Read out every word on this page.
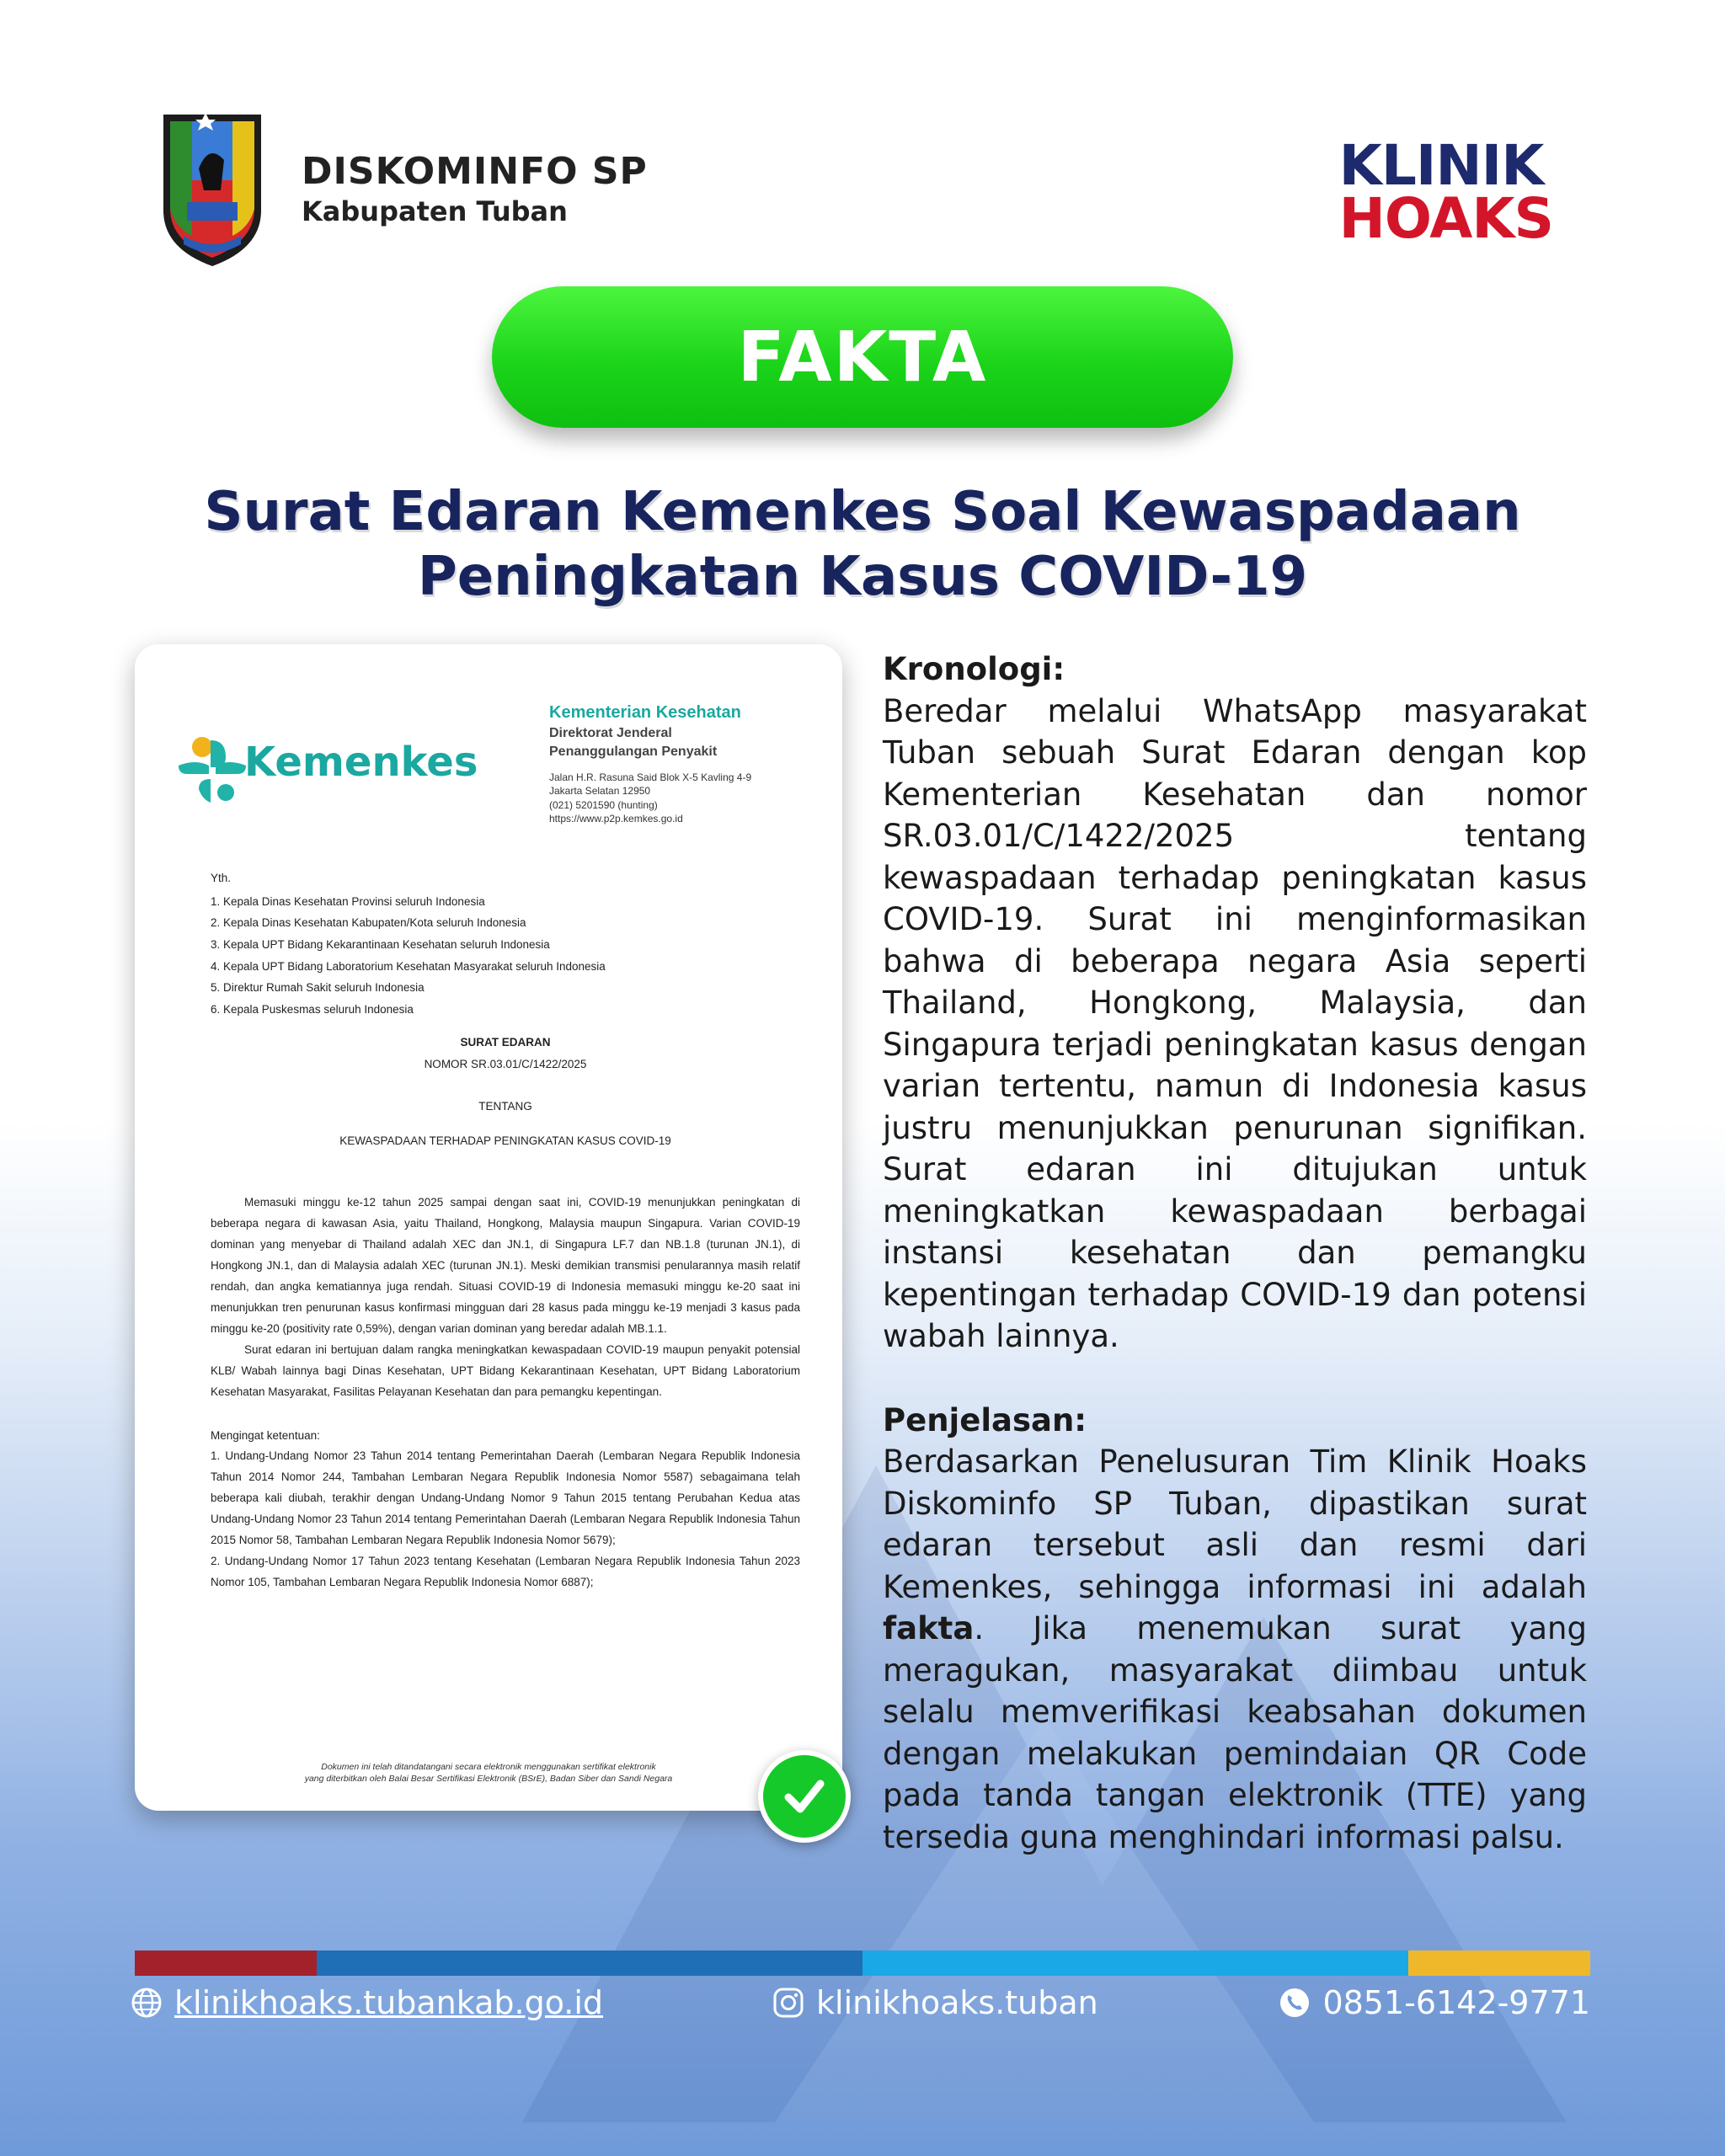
DISKOMINFO SP
Kabupaten Tuban
KLINIK
HOAKS
FAKTA
Surat Edaran Kemenkes Soal Kewaspadaan
Peningkatan Kasus COVID-19
Kemenkes
Kementerian Kesehatan
Direktorat Jenderal
Penanggulangan Penyakit
Jalan H.R. Rasuna Said Blok X-5 Kavling 4-9
Jakarta Selatan 12950
(021) 5201590 (hunting)
https://www.p2p.kemkes.go.id
Yth.
1. Kepala Dinas Kesehatan Provinsi seluruh Indonesia
2. Kepala Dinas Kesehatan Kabupaten/Kota seluruh Indonesia
3. Kepala UPT Bidang Kekarantinaan Kesehatan seluruh Indonesia
4. Kepala UPT Bidang Laboratorium Kesehatan Masyarakat seluruh Indonesia
5. Direktur Rumah Sakit seluruh Indonesia
6. Kepala Puskesmas seluruh Indonesia
SURAT EDARAN
NOMOR SR.03.01/C/1422/2025
TENTANG
KEWASPADAAN TERHADAP PENINGKATAN KASUS COVID-19

Memasuki minggu ke-12 tahun 2025 sampai dengan saat ini, COVID-19 menunjukkan peningkatan di beberapa negara di kawasan Asia, yaitu Thailand, Hongkong, Malaysia maupun Singapura. Varian COVID-19 dominan yang menyebar di Thailand adalah XEC dan JN.1, di Singapura LF.7 dan NB.1.8 (turunan JN.1), di Hongkong JN.1, dan di Malaysia adalah XEC (turunan JN.1). Meski demikian transmisi penularannya masih relatif rendah, dan angka kematiannya juga rendah. Situasi COVID-19 di Indonesia memasuki minggu ke-20 saat ini menunjukkan tren penurunan kasus konfirmasi mingguan dari 28 kasus pada minggu ke-19 menjadi 3 kasus pada minggu ke-20 (positivity rate 0,59%), dengan varian dominan yang beredar adalah MB.1.1.

Surat edaran ini bertujuan dalam rangka meningkatkan kewaspadaan COVID-19 maupun penyakit potensial KLB/ Wabah lainnya bagi Dinas Kesehatan, UPT Bidang Kekarantinaan Kesehatan, UPT Bidang Laboratorium Kesehatan Masyarakat, Fasilitas Pelayanan Kesehatan dan para pemangku kepentingan.

Mengingat ketentuan:

1. Undang-Undang Nomor 23 Tahun 2014 tentang Pemerintahan Daerah (Lembaran Negara Republik Indonesia Tahun 2014 Nomor 244, Tambahan Lembaran Negara Republik Indonesia Nomor 5587) sebagaimana telah beberapa kali diubah, terakhir dengan Undang-Undang Nomor 9 Tahun 2015 tentang Perubahan Kedua atas Undang-Undang Nomor 23 Tahun 2014 tentang Pemerintahan Daerah (Lembaran Negara Republik Indonesia Tahun 2015 Nomor 58, Tambahan Lembaran Negara Republik Indonesia Nomor 5679);

2. Undang-Undang Nomor 17 Tahun 2023 tentang Kesehatan (Lembaran Negara Republik Indonesia Tahun 2023 Nomor 105, Tambahan Lembaran Negara Republik Indonesia Nomor 6887);

Dokumen ini telah ditandatangani secara elektronik menggunakan sertifikat elektronik
yang diterbitkan oleh Balai Besar Sertifikasi Elektronik (BSrE), Badan Siber dan Sandi Negara
Kronologi:

Beredar melalui WhatsApp masyarakat Tuban sebuah Surat Edaran dengan kop Kementerian Kesehatan dan nomor SR.03.01/C/1422/2025 tentang kewaspadaan terhadap peningkatan kasus COVID-19. Surat ini menginformasikan bahwa di beberapa negara Asia seperti Thailand, Hongkong, Malaysia, dan Singapura terjadi peningkatan kasus dengan varian tertentu, namun di Indonesia kasus justru menunjukkan penurunan signifikan. Surat edaran ini ditujukan untuk meningkatkan kewaspadaan berbagai instansi kesehatan dan pemangku kepentingan terhadap COVID-19 dan potensi wabah lainnya.

Penjelasan:

Berdasarkan Penelusuran Tim Klinik Hoaks Diskominfo SP Tuban, dipastikan surat edaran tersebut asli dan resmi dari Kemenkes, sehingga informasi ini adalah fakta. Jika menemukan surat yang meragukan, masyarakat diimbau untuk selalu memverifikasi keabsahan dokumen dengan melakukan pemindaian QR Code pada tanda tangan elektronik (TTE) yang tersedia guna menghindari informasi palsu.

klinikhoaks.tubankab.go.id	klinikhoaks.tuban	0851-6142-9771
